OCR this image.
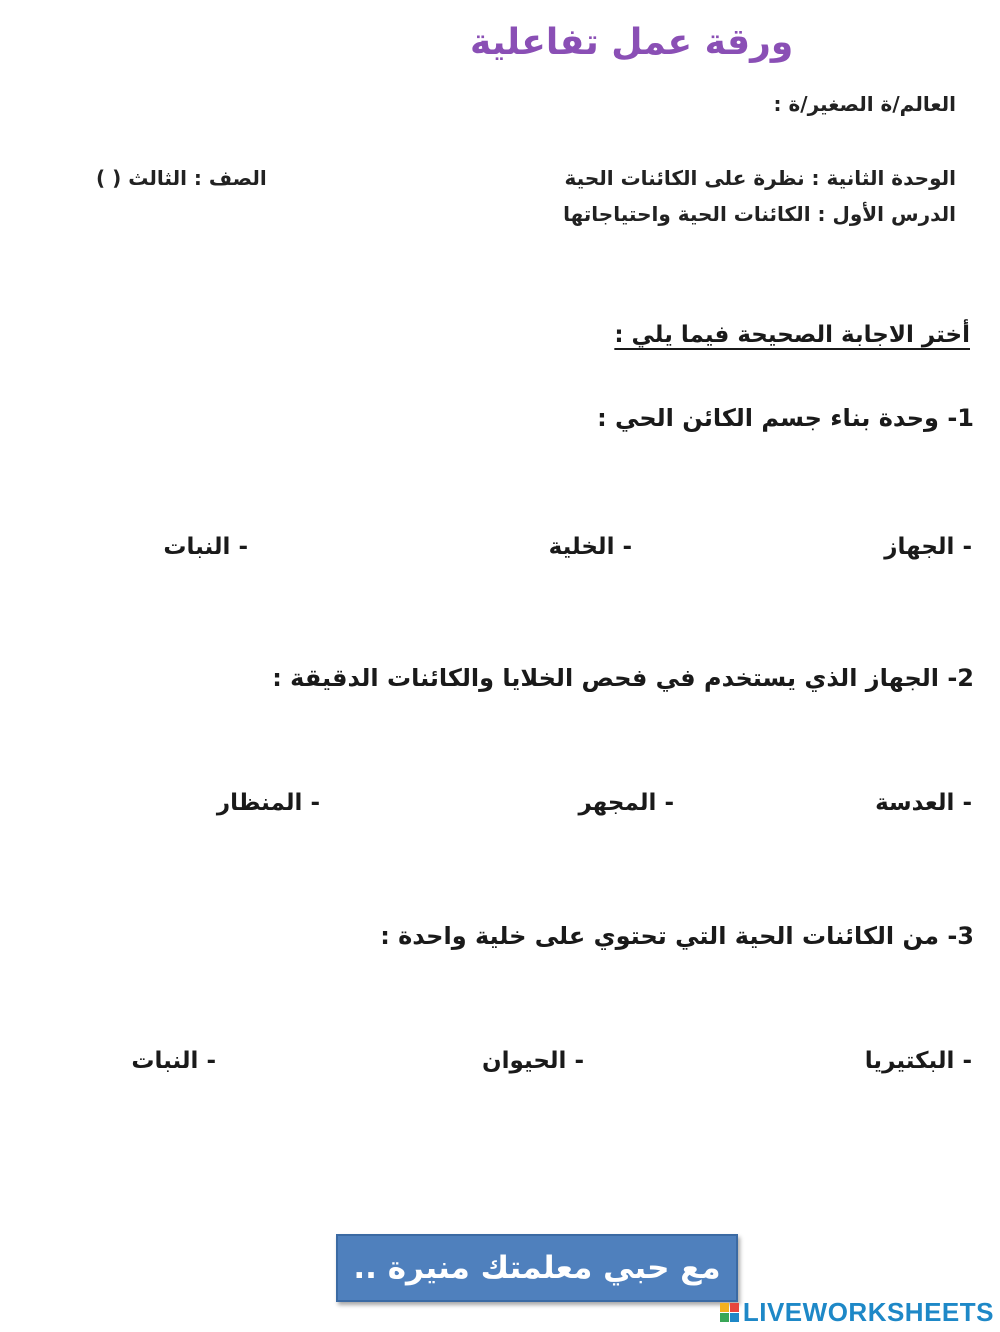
ورقة عمل تفاعلية
العالم/ة الصغير/ة :
الوحدة الثانية : نظرة على الكائنات الحية
الصف : الثالث ( )
الدرس الأول : الكائنات الحية واحتياجاتها
أختر الاجابة الصحيحة فيما يلي :
1- وحدة بناء جسم الكائن الحي :
- الجهاز
- الخلية
- النبات
2- الجهاز الذي يستخدم في فحص الخلايا والكائنات الدقيقة :
- العدسة
- المجهر
- المنظار
3- من الكائنات الحية التي تحتوي على خلية واحدة :
- البكتيريا
- الحيوان
- النبات
مع حبي معلمتك منيرة ..
LIVEWORKSHEETS
